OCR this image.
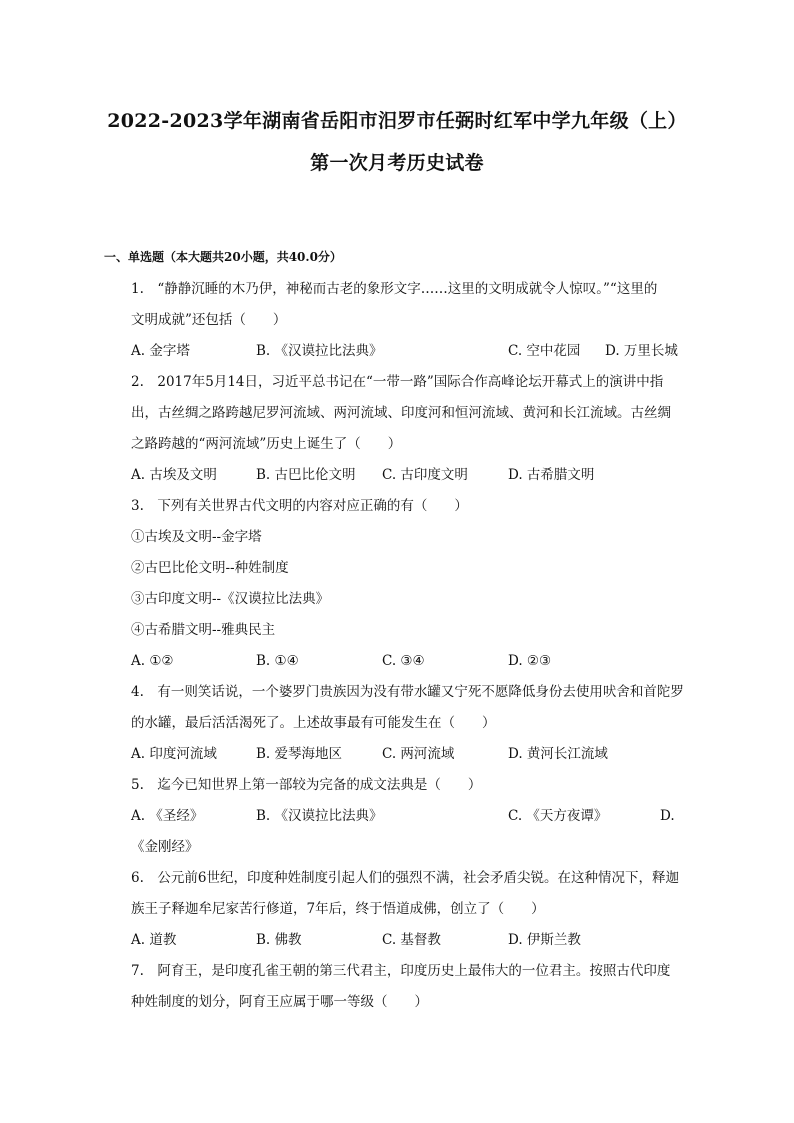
2022-2023学年湖南省岳阳市汨罗市任弼时红军中学九年级（上）
第一次月考历史试卷
一、单选题（本大题共20小题，共40.0分）
1.　“静静沉睡的木乃伊，神秘而古老的象形文字……这里的文明成就令人惊叹。”“这里的
文明成就”还包括（　　）
A. 金字塔	B. 《汉谟拉比法典》	C. 空中花园 D. 万里长城
2.　2017年5月14日，习近平总书记在“一带一路”国际合作高峰论坛开幕式上的演讲中指
出，古丝绸之路跨越尼罗河流域、两河流域、印度河和恒河流域、黄河和长江流域。古丝绸
之路跨越的“两河流域”历史上诞生了（　　）
A. 古埃及文明	B. 古巴比伦文明 C. 古印度文明	D. 古希腊文明
3.　下列有关世界古代文明的内容对应正确的有（　　）
①古埃及文明--金字塔
②古巴比伦文明--种姓制度
③古印度文明--《汉谟拉比法典》
④古希腊文明--雅典民主
A. ①②	B. ①④	C. ③④	D. ②③
4.　有一则笑话说，一个婆罗门贵族因为没有带水罐又宁死不愿降低身份去使用吠舍和首陀罗
的水罐，最后活活渴死了。上述故事最有可能发生在（　　）
A. 印度河流域	B. 爱琴海地区	C. 两河流域	D. 黄河长江流域
5.　迄今已知世界上第一部较为完备的成文法典是（　　）
A. 《圣经》	B. 《汉谟拉比法典》	C. 《天方夜谭》	D.
《金刚经》
6.　公元前6世纪，印度种姓制度引起人们的强烈不满，社会矛盾尖锐。在这种情况下，释迦
族王子释迦牟尼家苦行修道，7年后，终于悟道成佛，创立了（　　）
A. 道教	B. 佛教	C. 基督教	D. 伊斯兰教
7.　阿育王，是印度孔雀王朝的第三代君主，印度历史上最伟大的一位君主。按照古代印度
种姓制度的划分，阿育王应属于哪一等级（　　）
